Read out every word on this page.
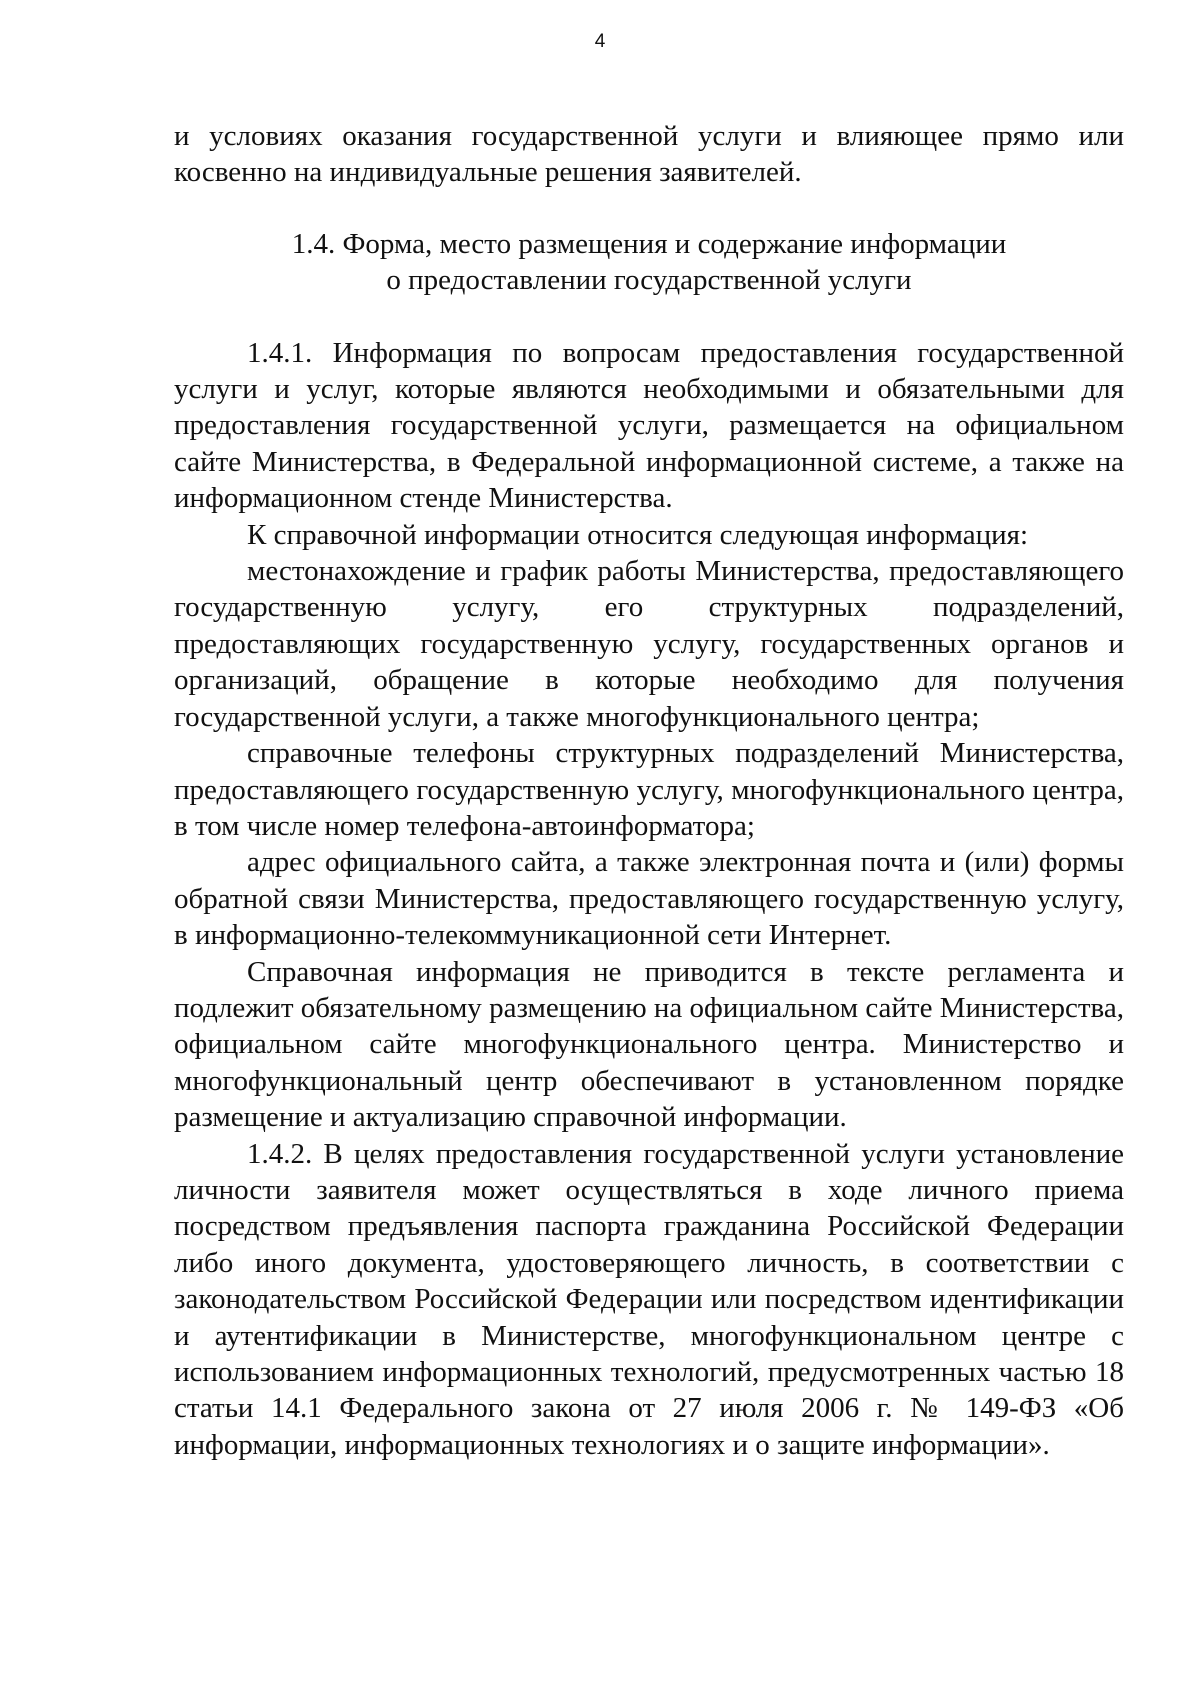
4

и условиях оказания государственной услуги и влияющее прямо или косвенно на индивидуальные решения заявителей.

1.4. Форма, место размещения и содержание информации
о предоставлении государственной услуги

1.4.1. Информация по вопросам предоставления государственной услуги и услуг, которые являются необходимыми и обязательными для предоставления государственной услуги, размещается на официальном сайте Министерства, в Федеральной информационной системе, а также на информационном стенде Министерства.

К справочной информации относится следующая информация:

местонахождение и график работы Министерства, предоставляющего государственную услугу, его структурных подразделений, предоставляющих государственную услугу, государственных органов и организаций, обращение в которые необходимо для получения государственной услуги, а также многофункционального центра;

справочные телефоны структурных подразделений Министерства, предоставляющего государственную услугу, многофункционального центра, в том числе номер телефона-автоинформатора;

адрес официального сайта, а также электронная почта и (или) формы обратной связи Министерства, предоставляющего государственную услугу, в информационно-телекоммуникационной сети Интернет.

Справочная информация не приводится в тексте регламента и подлежит обязательному размещению на официальном сайте Министерства, официальном сайте многофункционального центра. Министерство и многофункциональный центр обеспечивают в установленном порядке размещение и актуализацию справочной информации.

1.4.2. В целях предоставления государственной услуги установление личности заявителя может осуществляться в ходе личного приема посредством предъявления паспорта гражданина Российской Федерации либо иного документа, удостоверяющего личность, в соответствии с законодательством Российской Федерации или посредством идентификации и аутентификации в Министерстве, многофункциональном центре с использованием информационных технологий, предусмотренных частью 18 статьи 14.1 Федерального закона от 27 июля 2006 г. № 149-ФЗ «Об информации, информационных технологиях и о защите информации».
